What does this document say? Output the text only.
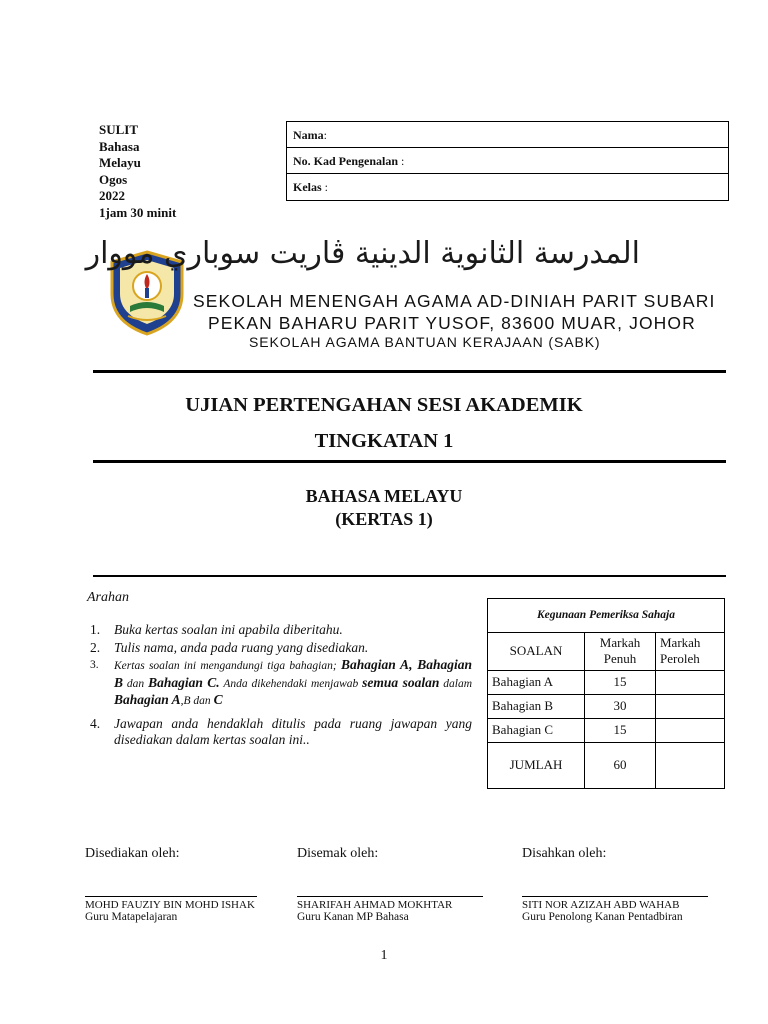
SULIT
Bahasa
Melayu
Ogos
2022
1jam 30 minit
Nama:
No. Kad Pengenalan :
Kelas :
المدرسة الثانوية الدينية ڤاريت سوباري مووار
SEKOLAH MENENGAH AGAMA AD-DINIAH PARIT SUBARI
PEKAN BAHARU PARIT YUSOF, 83600 MUAR, JOHOR
SEKOLAH AGAMA BANTUAN KERAJAAN (SABK)
UJIAN PERTENGAHAN SESI AKADEMIK
TINGKATAN 1
BAHASA MELAYU
(KERTAS 1)
Arahan
1.	Buka kertas soalan ini apabila diberitahu.
2.	Tulis nama, anda pada ruang yang disediakan.
3.	Kertas soalan ini mengandungi tiga bahagian; Bahagian A, Bahagian B dan Bahagian C. Anda dikehendaki menjawab semua soalan dalam Bahagian A,B dan C
4.	Jawapan anda hendaklah ditulis pada ruang jawapan yang disediakan dalam kertas soalan ini..
Kegunaan Pemeriksa Sahaja
SOALAN	Markah Penuh	Markah Peroleh
Bahagian A	15	
Bahagian B	30	
Bahagian C	15	
JUMLAH	60	
Disediakan oleh:
MOHD FAUZIY BIN MOHD ISHAK
Guru Matapelajaran
Disemak oleh:
SHARIFAH AHMAD MOKHTAR
Guru Kanan MP Bahasa
Disahkan oleh:
SITI NOR AZIZAH ABD WAHAB
Guru Penolong Kanan Pentadbiran
1
